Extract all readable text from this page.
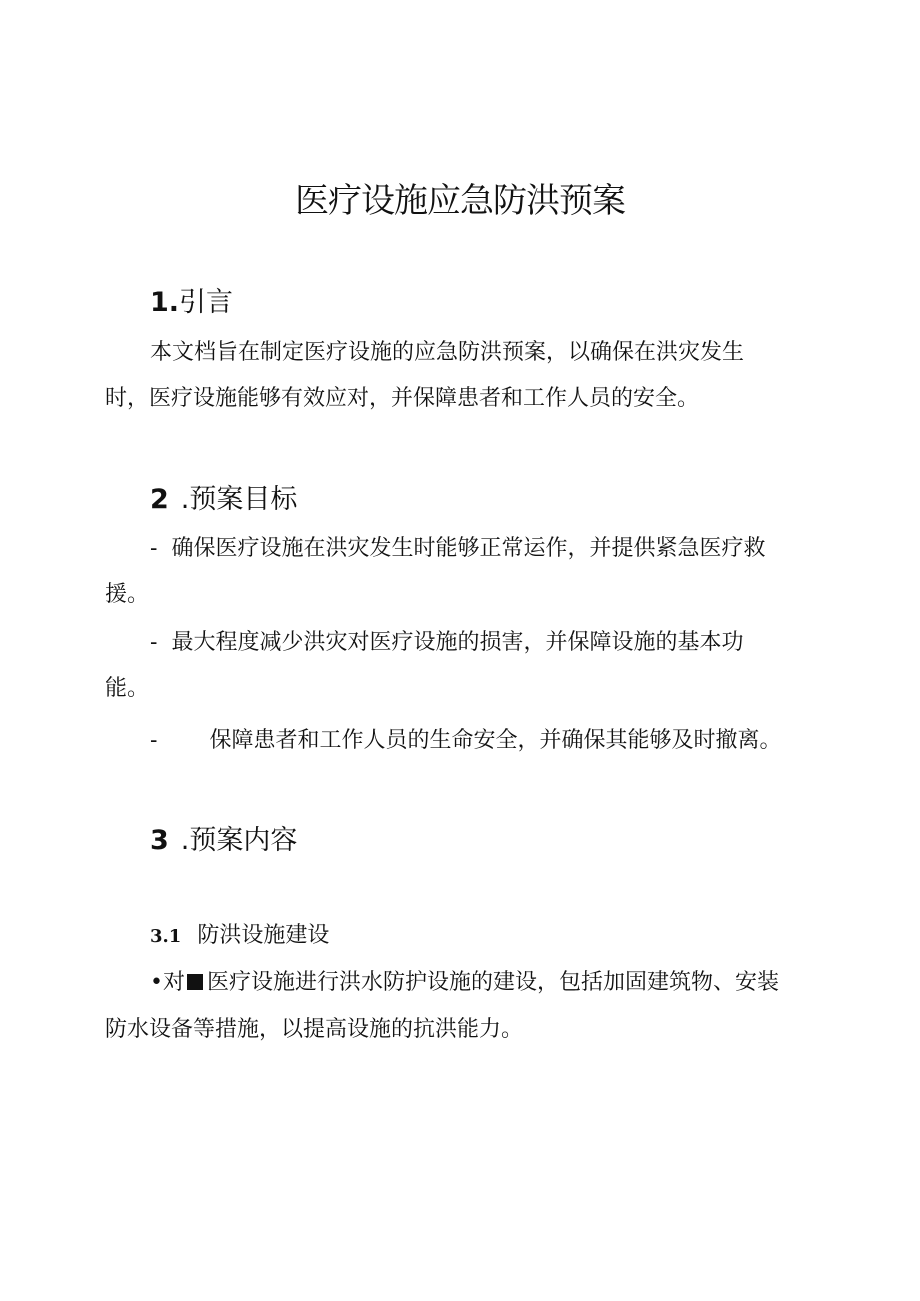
医疗设施应急防洪预案
1.引言
本文档旨在制定医疗设施的应急防洪预案，以确保在洪灾发生
时，医疗设施能够有效应对，并保障患者和工作人员的安全。
2 .预案目标
- 确保医疗设施在洪灾发生时能够正常运作，并提供紧急医疗救
援。
- 最大程度减少洪灾对医疗设施的损害，并保障设施的基本功
能。
- 保障患者和工作人员的生命安全，并确保其能够及时撤离。
3 .预案内容
3.1 防洪设施建设
•对 医疗设施进行洪水防护设施的建设，包括加固建筑物、安装
防水设备等措施，以提高设施的抗洪能力。
